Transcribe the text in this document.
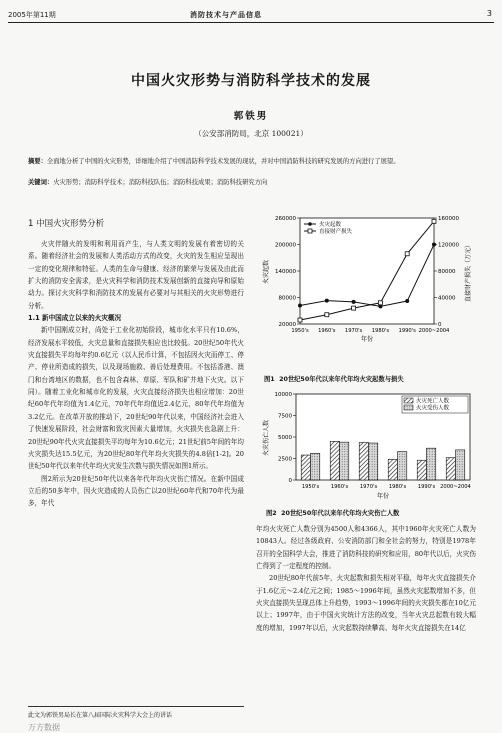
2005年第11期	消防技术与产品信息	3
中国火灾形势与消防科学技术的发展
郭铁男
（公安部消防局，北京 100021）
摘要：全面地分析了中国的火灾形势，详细地介绍了中国消防科学技术发展的现状，并对中国消防科技的研究发展的方向进行了展望。
关键词：火灾形势；消防科学技术；消防科技队伍；消防科技成果；消防科技研究方向
1 中国火灾形势分析

火灾伴随火的发明和利用而产生，与人类文明的发展有着密切的关系。随着经济社会的发展和人类活动方式的改变，火灾的发生相应呈现出一定的变化规律和特征。人类的生命与健康、经济的繁荣与发展及由此而扩大的消防安全需求，是火灾科学和消防技术发展创新的直接向导和原始动力。探讨火灾科学和消防技术的发展有必要对与其相关的火灾形势进行分析。

1.1 新中国成立以来的火灾概况

新中国刚成立时，尚处于工业化初始阶段，城市化水平只有10.6%，经济发展水平较低，火灾总量和直接损失相应也比较低。20世纪50年代火灾直接损失平均每年约0.6亿元（以人民币计算，不包括因火灾而停工、停产、停业所造成的损失，以及现场施救、善后处理费用。不包括香港、澳门和台湾地区的数据，也不包含森林、草原、军队和矿井地下火灾。以下同）。随着工业化和城市化的发展，火灾直接经济损失也相应增加：20世纪60年代年均值为1.4亿元，70年代年均值近2.4亿元，80年代年均值为3.2亿元。在改革开放的推动下，20世纪90年代以来，中国经济社会进入了快速发展阶段，社会财富和致灾因素大量增加，火灾损失也急剧上升：20世纪90年代火灾直接损失平均每年为10.6亿元；21世纪前5年间的年均火灾损失达15.5亿元，为20世纪80年代年均火灾损失的4.8倍[1-2]。20世纪50年代以来年代年均火灾发生次数与损失情况如图1所示。

图2所示为20世纪50年代以来各年代年均火灾伤亡情况。在新中国成立后的50多年中，因火灾造成的人员伤亡以20世纪60年代和70年代为最多，年代

火灾起数	直接财产损失（万元）
20000
80000
140000
200000
260000
0
40000
80000
120000
160000
1950's 1960's 1970's 1980's 1990's 2000~2004
年份
火灾起数
直接财产损失
图1 20世纪50年代以来年代年均火灾起数与损失
火灾伤亡人数
0
2500
5000
7500
10000
1950's 1960's 1970's 1980's 1990's 2000~2004
年份
火灾死亡人数
火灾受伤人数

年均火灾死亡人数分别为4500人和4366人，其中1960年火灾死亡人数为10843人。经过各级政府、公安消防部门和全社会的努力，特别是1978年召开的全国科学大会，推进了消防科技的研究和应用，80年代以后，火灾伤亡得到了一定程度的控制。

20世纪80年代前5年，火灾起数和损失相对平稳，每年火灾直接损失介于1.6亿元～2.4亿元之间；1985～1996年间，虽然火灾起数增加不多，但火灾直接损失呈现总体上升趋势，1993～1996年间的火灾损失都在10亿元以上；1997年，由于中国火灾统计方法的改变，当年火灾总起数有较大幅度的增加，1997年以后，火灾起数持续攀高、每年火灾直接损失在14亿

图2 20世纪50年代以来年代年均火灾伤亡人数
此文为郭铁男局长在第八届国际火灾科学大会上的讲话
万方数据
